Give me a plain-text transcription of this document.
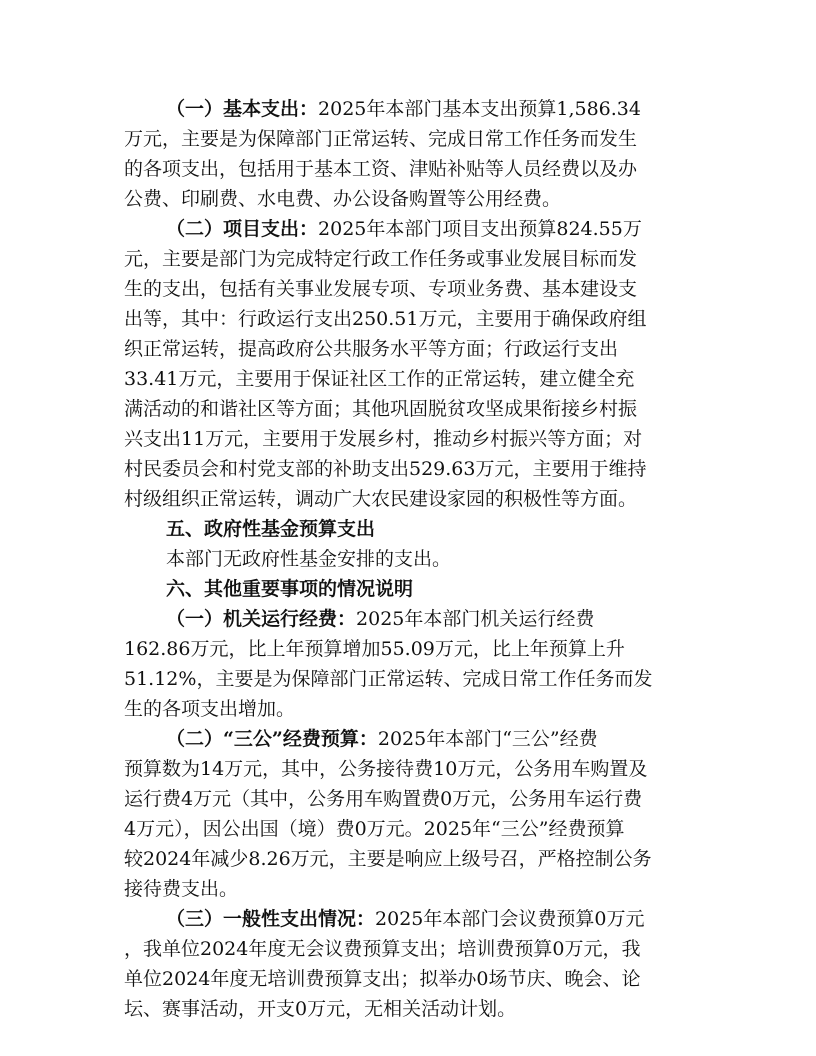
（一）基本支出：2025年本部门基本支出预算1,586.34
万元，主要是为保障部门正常运转、完成日常工作任务而发生
的各项支出，包括用于基本工资、津贴补贴等人员经费以及办
公费、印刷费、水电费、办公设备购置等公用经费。
（二）项目支出：2025年本部门项目支出预算824.55万
元，主要是部门为完成特定行政工作任务或事业发展目标而发
生的支出，包括有关事业发展专项、专项业务费、基本建设支
出等，其中：行政运行支出250.51万元，主要用于确保政府组
织正常运转，提高政府公共服务水平等方面；行政运行支出
33.41万元，主要用于保证社区工作的正常运转，建立健全充
满活动的和谐社区等方面；其他巩固脱贫攻坚成果衔接乡村振
兴支出11万元，主要用于发展乡村，推动乡村振兴等方面；对
村民委员会和村党支部的补助支出529.63万元，主要用于维持
村级组织正常运转，调动广大农民建设家园的积极性等方面。
五、政府性基金预算支出
本部门无政府性基金安排的支出。
六、其他重要事项的情况说明
（一）机关运行经费：2025年本部门机关运行经费
162.86万元，比上年预算增加55.09万元，比上年预算上升
51.12%，主要是为保障部门正常运转、完成日常工作任务而发
生的各项支出增加。
（二）“三公”经费预算：2025年本部门“三公”经费
预算数为14万元，其中，公务接待费10万元，公务用车购置及
运行费4万元（其中，公务用车购置费0万元，公务用车运行费
4万元），因公出国（境）费0万元。2025年“三公”经费预算
较2024年减少8.26万元，主要是响应上级号召，严格控制公务
接待费支出。
（三）一般性支出情况：2025年本部门会议费预算0万元
，我单位2024年度无会议费预算支出；培训费预算0万元，我
单位2024年度无培训费预算支出；拟举办0场节庆、晚会、论
坛、赛事活动，开支0万元，无相关活动计划。
